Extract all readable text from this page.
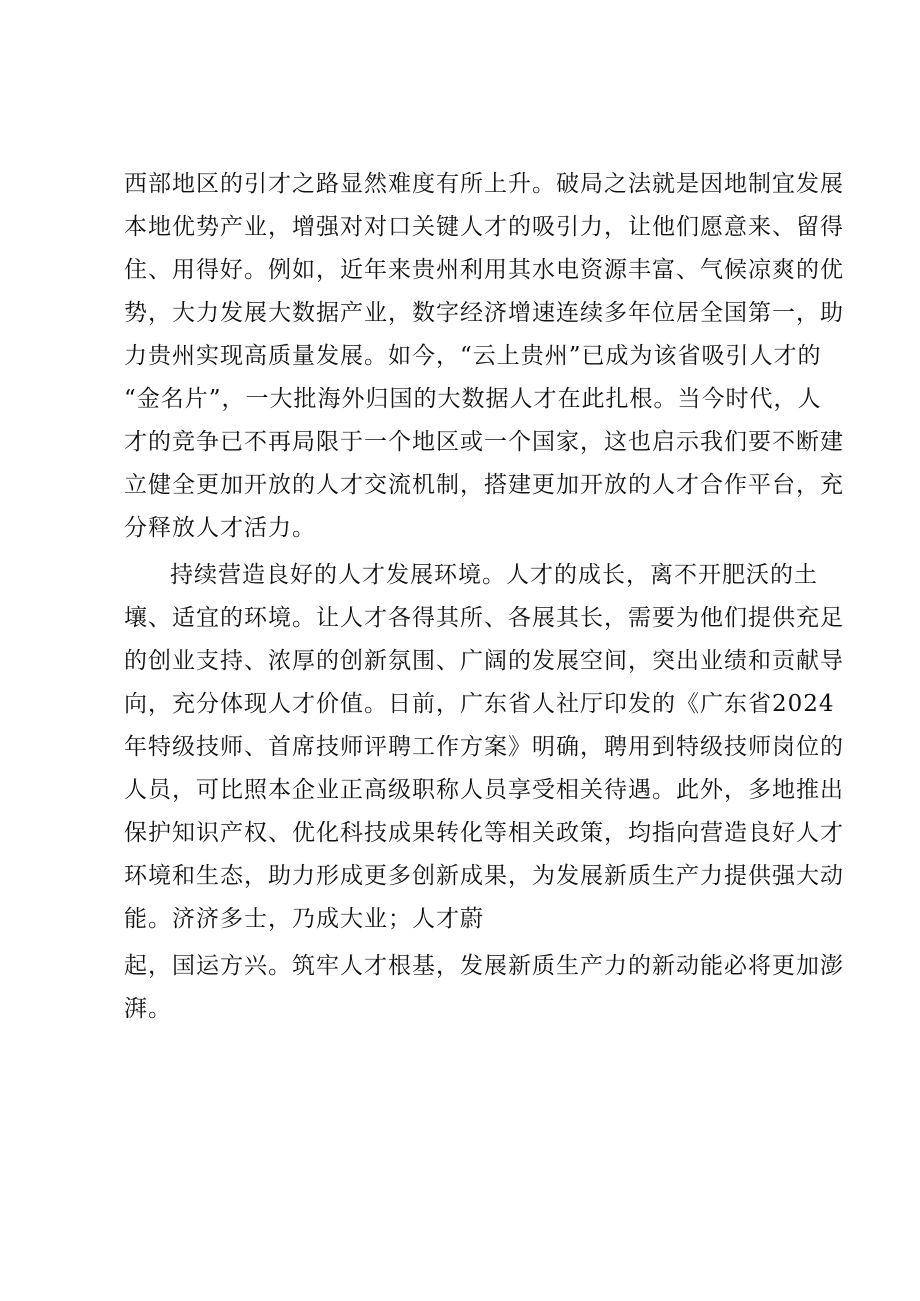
西部地区的引才之路显然难度有所上升。破局之法就是因地制宜发展

本地优势产业，增强对对口关键人才的吸引力，让他们愿意来、留得

住、用得好。例如，近年来贵州利用其水电资源丰富、气候凉爽的优

势，大力发展大数据产业，数字经济增速连续多年位居全国第一，助

力贵州实现高质量发展。如今，“云上贵州”已成为该省吸引人才的

“金名片”，一大批海外归国的大数据人才在此扎根。当今时代，人

才的竞争已不再局限于一个地区或一个国家，这也启示我们要不断建

立健全更加开放的人才交流机制，搭建更加开放的人才合作平台，充

分释放人才活力。

持续营造良好的人才发展环境。人才的成长，离不开肥沃的土

壤、适宜的环境。让人才各得其所、各展其长，需要为他们提供充足

的创业支持、浓厚的创新氛围、广阔的发展空间，突出业绩和贡献导

向，充分体现人才价值。日前，广东省人社厅印发的《广东省2024

年特级技师、首席技师评聘工作方案》明确，聘用到特级技师岗位的

人员，可比照本企业正高级职称人员享受相关待遇。此外，多地推出

保护知识产权、优化科技成果转化等相关政策，均指向营造良好人才

环境和生态，助力形成更多创新成果，为发展新质生产力提供强大动

能。济济多士，乃成大业；人才蔚

起，国运方兴。筑牢人才根基，发展新质生产力的新动能必将更加澎

湃。
